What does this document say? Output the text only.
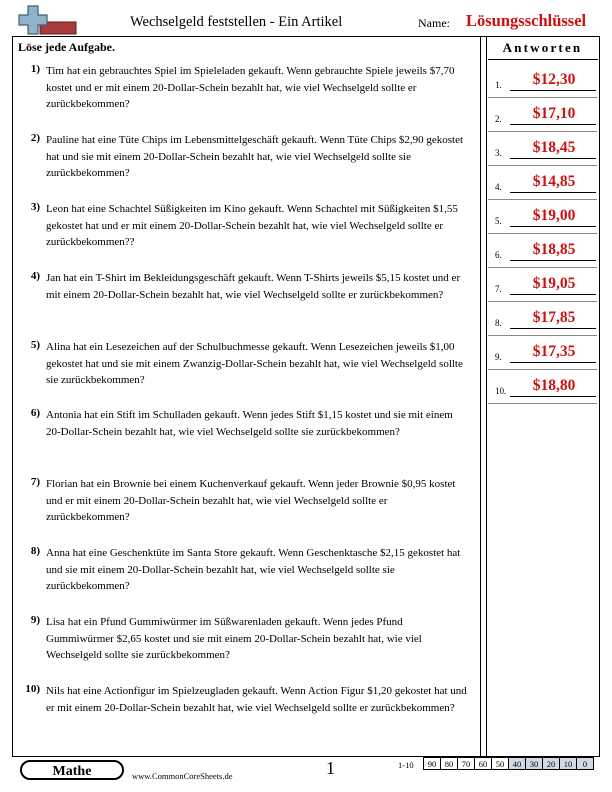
Wechselgeld feststellen - Ein Artikel	Name: Lösungsschlüssel
Löse jede Aufgabe.	Antworten
1.	$12,30
2.	$17,10
3.	$18,45
4.	$14,85
5.	$19,00
6.	$18,85
7.	$19,05
8.	$17,85
9.	$17,35
10.	$18,80
1) Tim hat ein gebrauchtes Spiel im Spieleladen gekauft. Wenn gebrauchte Spiele jeweils $7,70 kostet und er mit einem 20-Dollar-Schein bezahlt hat, wie viel Wechselgeld sollte er zurückbekommen?
2) Pauline hat eine Tüte Chips im Lebensmittelgeschäft gekauft. Wenn Tüte Chips $2,90 gekostet hat und sie mit einem 20-Dollar-Schein bezahlt hat, wie viel Wechselgeld sollte sie zurückbekommen?
3) Leon hat eine Schachtel Süßigkeiten im Kino gekauft. Wenn Schachtel mit Süßigkeiten $1,55 gekostet hat und er mit einem 20-Dollar-Schein bezahlt hat, wie viel Wechselgeld sollte er zurückbekommen??
4) Jan hat ein T-Shirt im Bekleidungsgeschäft gekauft. Wenn T-Shirts jeweils $5,15 kostet und er mit einem 20-Dollar-Schein bezahlt hat, wie viel Wechselgeld sollte er zurückbekommen?
5) Alina hat ein Lesezeichen auf der Schulbuchmesse gekauft. Wenn Lesezeichen jeweils $1,00 gekostet hat und sie mit einem Zwanzig-Dollar-Schein bezahlt hat, wie viel Wechselgeld sollte sie zurückbekommen?
6) Antonia hat ein Stift im Schulladen gekauft. Wenn jedes Stift $1,15 kostet und sie mit einem 20-Dollar-Schein bezahlt hat, wie viel Wechselgeld sollte sie zurückbekommen?
7) Florian hat ein Brownie bei einem Kuchenverkauf gekauft. Wenn jeder Brownie $0,95 kostet und er mit einem 20-Dollar-Schein bezahlt hat, wie viel Wechselgeld sollte er zurückbekommen?
8) Anna hat eine Geschenktüte im Santa Store gekauft. Wenn Geschenktasche $2,15 gekostet hat und sie mit einem 20-Dollar-Schein bezahlt hat, wie viel Wechselgeld sollte sie zurückbekommen?
9) Lisa hat ein Pfund Gummiwürmer im Süßwarenladen gekauft. Wenn jedes Pfund Gummiwürmer $2,65 kostet und sie mit einem 20-Dollar-Schein bezahlt hat, wie viel Wechselgeld sollte sie zurückbekommen?
10) Nils hat eine Actionfigur im Spielzeugladen gekauft. Wenn Action Figur $1,20 gekostet hat und er mit einem 20-Dollar-Schein bezahlt hat, wie viel Wechselgeld sollte er zurückbekommen?
Mathe	www.CommonCoreSheets.de	1	1-10 90	80	70	60	50	40	30	20	10	0
